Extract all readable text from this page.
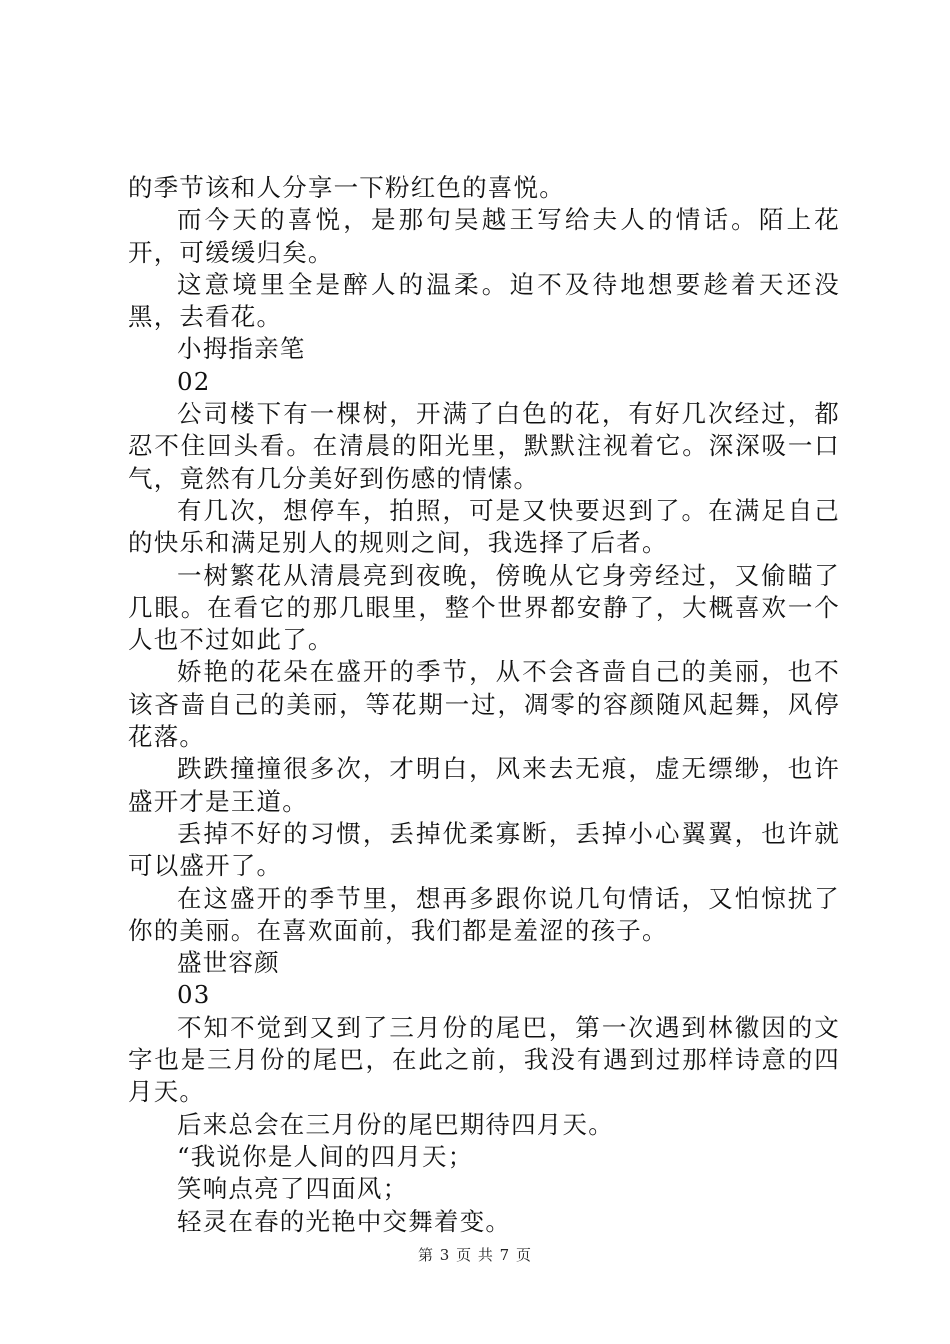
的季节该和人分享一下粉红色的喜悦。

而今天的喜悦，是那句吴越王写给夫人的情话。陌上花开，可缓缓归矣。

这意境里全是醉人的温柔。迫不及待地想要趁着天还没黑，去看花。

小拇指亲笔

02

公司楼下有一棵树，开满了白色的花，有好几次经过，都忍不住回头看。在清晨的阳光里，默默注视着它。深深吸一口气，竟然有几分美好到伤感的情愫。

有几次，想停车，拍照，可是又快要迟到了。在满足自己的快乐和满足别人的规则之间，我选择了后者。

一树繁花从清晨亮到夜晚，傍晚从它身旁经过，又偷瞄了几眼。在看它的那几眼里，整个世界都安静了，大概喜欢一个人也不过如此了。

娇艳的花朵在盛开的季节，从不会吝啬自己的美丽，也不该吝啬自己的美丽，等花期一过，凋零的容颜随风起舞，风停花落。

跌跌撞撞很多次，才明白，风来去无痕，虚无缥缈，也许盛开才是王道。

丢掉不好的习惯，丢掉优柔寡断，丢掉小心翼翼，也许就可以盛开了。

在这盛开的季节里，想再多跟你说几句情话，又怕惊扰了你的美丽。在喜欢面前，我们都是羞涩的孩子。

盛世容颜

03

不知不觉到又到了三月份的尾巴，第一次遇到林徽因的文字也是三月份的尾巴，在此之前，我没有遇到过那样诗意的四月天。

后来总会在三月份的尾巴期待四月天。

“我说你是人间的四月天；

笑响点亮了四面风；

轻灵在春的光艳中交舞着变。

第 3 页 共 7 页
